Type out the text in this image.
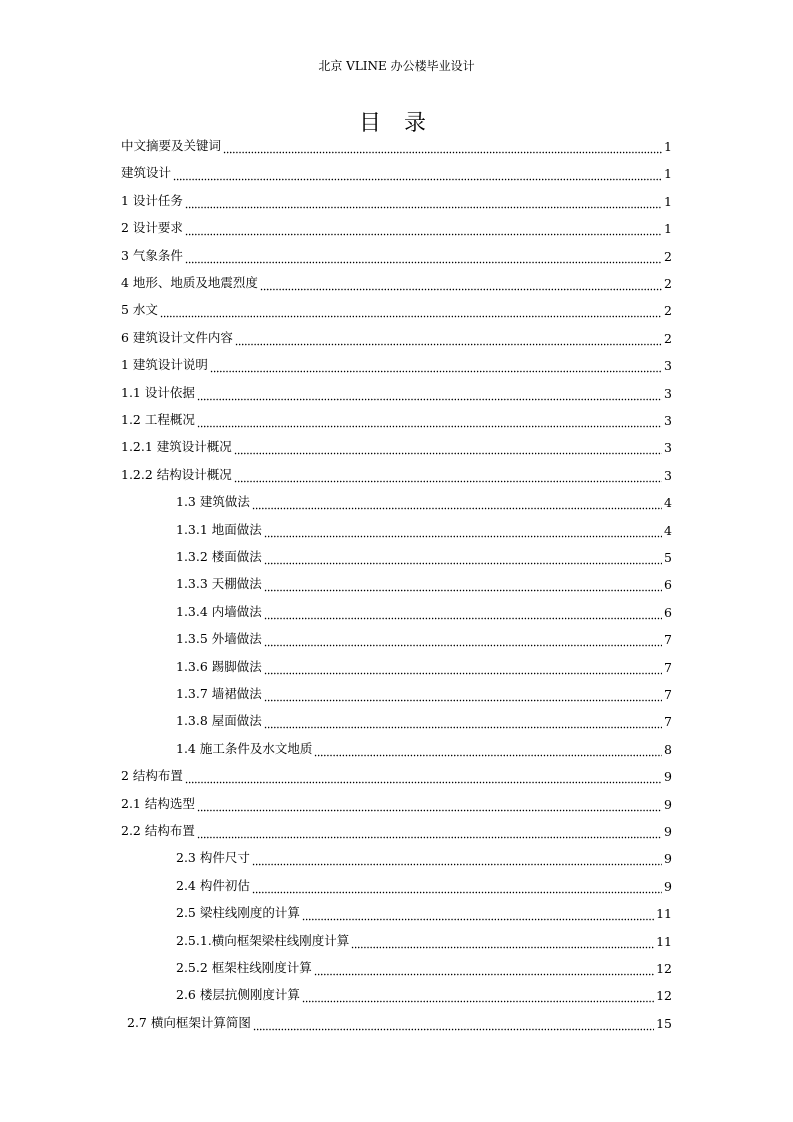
北京 VLINE 办公楼毕业设计
目 录
中文摘要及关键词	1
建筑设计	1
1 设计任务	1
2 设计要求	1
3 气象条件	2
4 地形、地质及地震烈度	2
5 水文	2
6 建筑设计文件内容	2
1 建筑设计说明	3
1.1 设计依据	3
1.2 工程概况	3
1.2.1 建筑设计概况	3
1.2.2 结构设计概况	3
1.3 建筑做法	4
1.3.1 地面做法	4
1.3.2 楼面做法	5
1.3.3 天棚做法	6
1.3.4 内墙做法	6
1.3.5 外墙做法	7
1.3.6 踢脚做法	7
1.3.7 墙裙做法	7
1.3.8 屋面做法	7
1.4 施工条件及水文地质	8
2 结构布置	9
2.1 结构选型	9
2.2 结构布置	9
2.3 构件尺寸	9
2.4 构件初估	9
2.5 梁柱线刚度的计算	11
2.5.1.横向框架梁柱线刚度计算	11
2.5.2 框架柱线刚度计算	12
2.6 楼层抗侧刚度计算	12
2.7 横向框架计算简图	15
